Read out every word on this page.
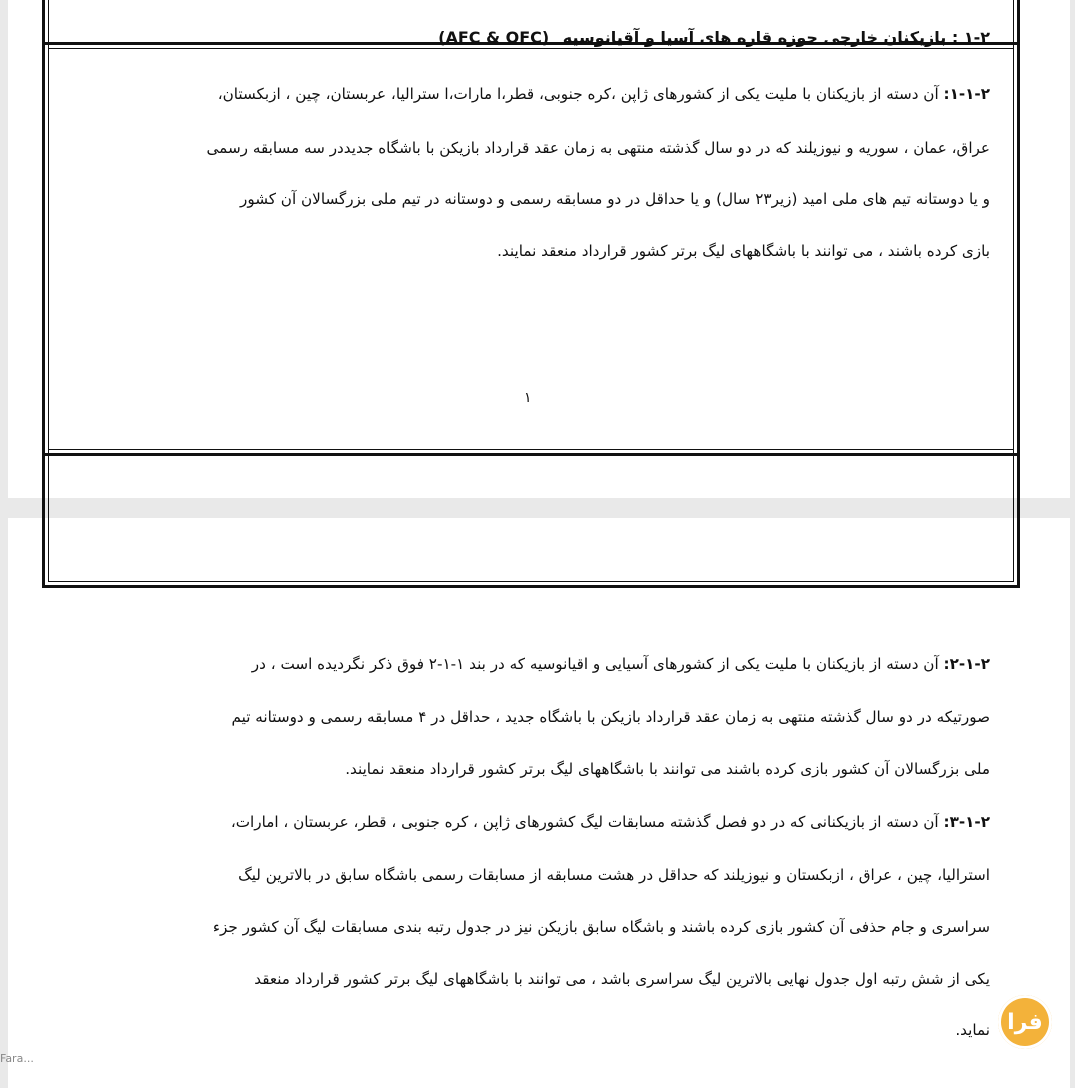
۱-۲ : بازیکنان خارجی حوزه قاره های آسیا و آقیانوسیه (AFC & OFC)
۱-۱-۲: آن دسته از بازیکنان با ملیت یکی از کشورهای ژاپن ،کره جنوبی، قطر،ا مارات،ا سترالیا، عربستان، چین ، ازبکستان،
عراق، عمان ، سوریه و نیوزیلند که در دو سال گذشته منتهی به زمان عقد قرارداد بازیکن با باشگاه جدیددر سه مسابقه رسمی
و یا دوستانه تیم های ملی امید (زیر۲۳ سال) و یا حداقل در دو مسابقه رسمی و دوستانه در تیم ملی بزرگسالان آن کشور
بازی کرده باشند ، می توانند با باشگاههای لیگ برتر کشور قرارداد منعقد نمایند.
۱
۲-۱-۲: آن دسته از بازیکنان با ملیت یکی از کشورهای آسیایی و اقیانوسیه که در بند ۱-۱-۲ فوق ذکر نگردیده است ، در
صورتیکه در دو سال گذشته منتهی به زمان عقد قرارداد بازیکن با باشگاه جدید ، حداقل در ۴ مسابقه رسمی و دوستانه تیم
ملی بزرگسالان آن کشور بازی کرده باشند می توانند با باشگاههای لیگ برتر کشور قرارداد منعقد نمایند.
۳-۱-۲: آن دسته از بازیکنانی که در دو فصل گذشته مسابقات لیگ کشورهای ژاپن ، کره جنوبی ، قطر، عربستان ، امارات،
استرالیا، چین ، عراق ، ازبکستان و نیوزیلند که حداقل در هشت مسابقه از مسابقات رسمی باشگاه سابق در بالاترین لیگ
سراسری و جام حذفی آن کشور بازی کرده باشند و باشگاه سابق بازیکن نیز در جدول رتبه بندی مسابقات لیگ آن کشور جزء
یکی از شش رتبه اول جدول نهایی بالاترین لیگ سراسری باشد ، می توانند با باشگاههای لیگ برتر کشور قرارداد منعقد
نماید. فرا
Fara...
